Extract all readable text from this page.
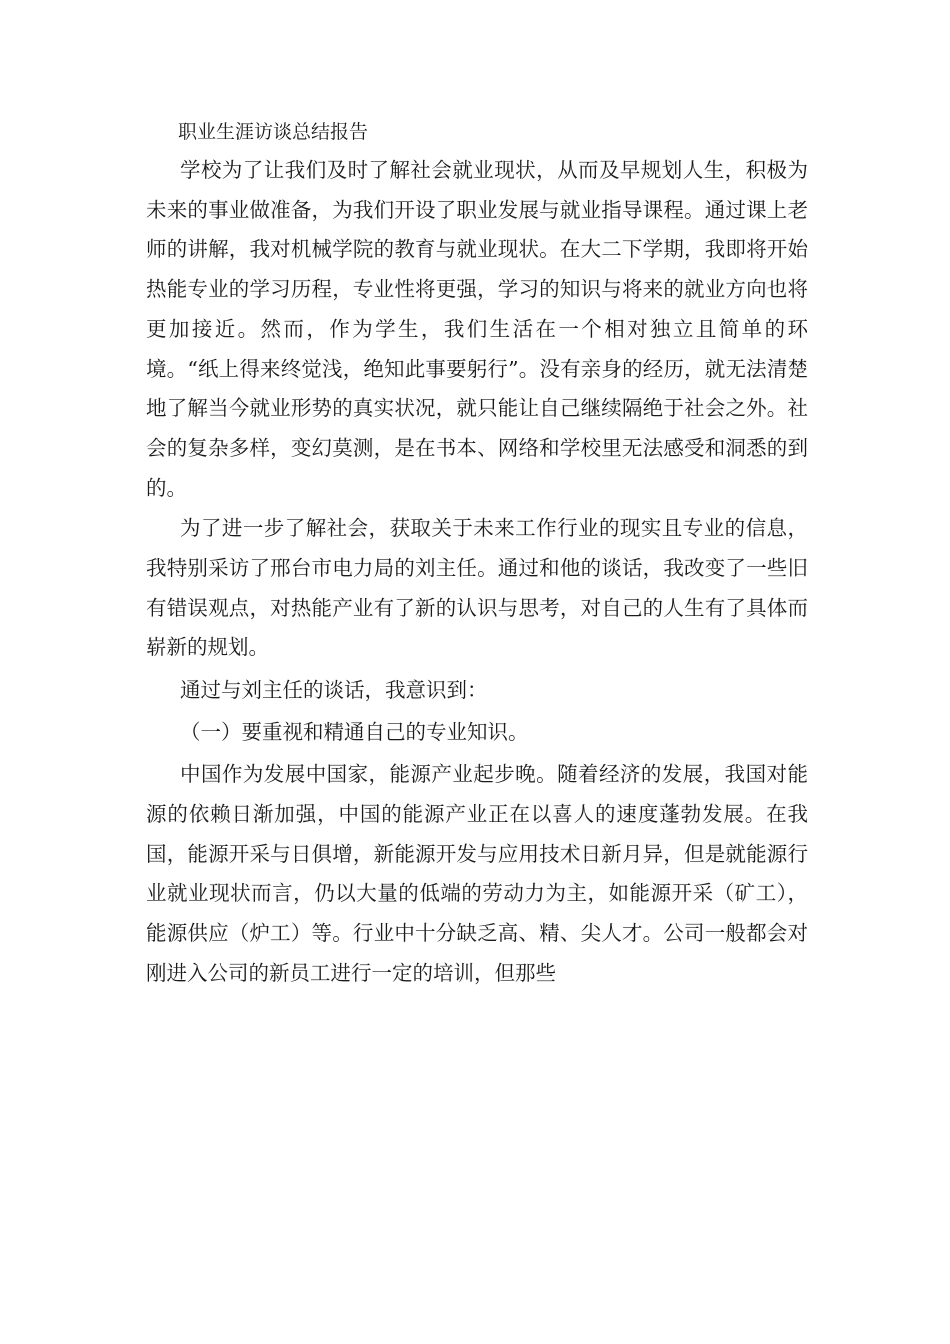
职业生涯访谈总结报告

学校为了让我们及时了解社会就业现状，从而及早规划人生，积极为未来的事业做准备，为我们开设了职业发展与就业指导课程。通过课上老师的讲解，我对机械学院的教育与就业现状。在大二下学期，我即将开始热能专业的学习历程，专业性将更强，学习的知识与将来的就业方向也将更加接近。然而，作为学生，我们生活在一个相对独立且简单的环境。“纸上得来终觉浅，绝知此事要躬行”。没有亲身的经历，就无法清楚地了解当今就业形势的真实状况，就只能让自己继续隔绝于社会之外。社会的复杂多样，变幻莫测，是在书本、网络和学校里无法感受和洞悉的到的。

为了进一步了解社会，获取关于未来工作行业的现实且专业的信息，我特别采访了邢台市电力局的刘主任。通过和他的谈话，我改变了一些旧有错误观点，对热能产业有了新的认识与思考，对自己的人生有了具体而崭新的规划。

通过与刘主任的谈话，我意识到：

（一）要重视和精通自己的专业知识。

中国作为发展中国家，能源产业起步晚。随着经济的发展，我国对能源的依赖日渐加强，中国的能源产业正在以喜人的速度蓬勃发展。在我国，能源开采与日俱增，新能源开发与应用技术日新月异，但是就能源行业就业现状而言，仍以大量的低端的劳动力为主，如能源开采（矿工），能源供应（炉工）等。行业中十分缺乏高、精、尖人才。公司一般都会对刚进入公司的新员工进行一定的培训，但那些
